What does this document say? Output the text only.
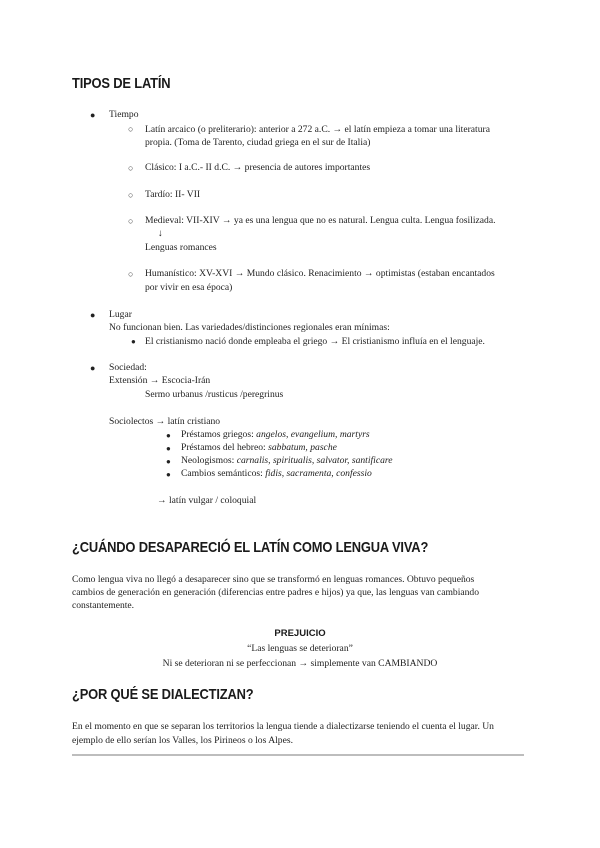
TIPOS DE LATÍN
● Tiempo
○ Latín arcaico (o preliterario): anterior a 272 a.C. → el latín empieza a tomar una literatura
propia. (Toma de Tarento, ciudad griega en el sur de Italia)
○ Clásico: I a.C.- II d.C. → presencia de autores importantes
○ Tardío: II- VII
○ Medieval: VII-XIV → ya es una lengua que no es natural. Lengua culta. Lengua fosilizada.
↓
Lenguas romances
○ Humanístico: XV-XVI → Mundo clásico. Renacimiento → optimistas (estaban encantados
por vivir en esa época)
● Lugar
No funcionan bien. Las variedades/distinciones regionales eran mínimas:
● El cristianismo nació donde empleaba el griego → El cristianismo influía en el lenguaje.
● Sociedad:
Extensión → Escocia-Irán
Sermo urbanus /rusticus /peregrinus
Sociolectos → latín cristiano
● Préstamos griegos: angelos, evangelium, martyrs
● Préstamos del hebreo: sabbatum, pasche
● Neologismos: carnalis, spiritualis, salvator, santificare
● Cambios semánticos: fidis, sacramenta, confessio
→ latín vulgar / coloquial
¿CUÁNDO DESAPARECIÓ EL LATÍN COMO LENGUA VIVA?
Como lengua viva no llegó a desaparecer sino que se transformó en lenguas romances. Obtuvo pequeños
cambios de generación en generación (diferencias entre padres e hijos) ya que, las lenguas van cambiando
constantemente.
PREJUICIO
“Las lenguas se deterioran”
Ni se deterioran ni se perfeccionan → simplemente van CAMBIANDO
¿POR QUÉ SE DIALECTIZAN?
En el momento en que se separan los territorios la lengua tiende a dialectizarse teniendo el cuenta el lugar. Un
ejemplo de ello serían los Valles, los Pirineos o los Alpes.
